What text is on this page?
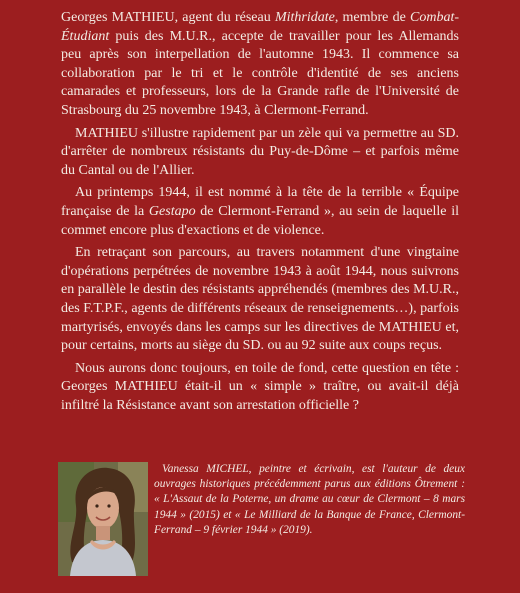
Georges MATHIEU, agent du réseau Mithridate, membre de Combat-Étudiant puis des M.U.R., accepte de travailler pour les Allemands peu après son interpellation de l'automne 1943. Il commence sa collaboration par le tri et le contrôle d'identité de ses anciens camarades et professeurs, lors de la Grande rafle de l'Université de Strasbourg du 25 novembre 1943, à Clermont-Ferrand.

MATHIEU s'illustre rapidement par un zèle qui va permettre au SD. d'arrêter de nombreux résistants du Puy-de-Dôme – et parfois même du Cantal ou de l'Allier.

Au printemps 1944, il est nommé à la tête de la terrible « Équipe française de la Gestapo de Clermont-Ferrand », au sein de laquelle il commet encore plus d'exactions et de violence.

En retraçant son parcours, au travers notamment d'une vingtaine d'opérations perpétrées de novembre 1943 à août 1944, nous suivrons en parallèle le destin des résistants appréhendés (membres des M.U.R., des F.T.P.F., agents de différents réseaux de renseignements…), parfois martyrisés, envoyés dans les camps sur les directives de MATHIEU et, pour certains, morts au siège du SD. ou au 92 suite aux coups reçus.

Nous aurons donc toujours, en toile de fond, cette question en tête : Georges MATHIEU était-il un « simple » traître, ou avait-il déjà infiltré la Résistance avant son arrestation officielle ?

Vanessa MICHEL, peintre et écrivain, est l'auteur de deux ouvrages historiques précédemment parus aux éditions Ôtrement : « L'Assaut de la Poterne, un drame au cœur de Clermont – 8 mars 1944 » (2015) et « Le Milliard de la Banque de France, Clermont-Ferrand – 9 février 1944 » (2019).
